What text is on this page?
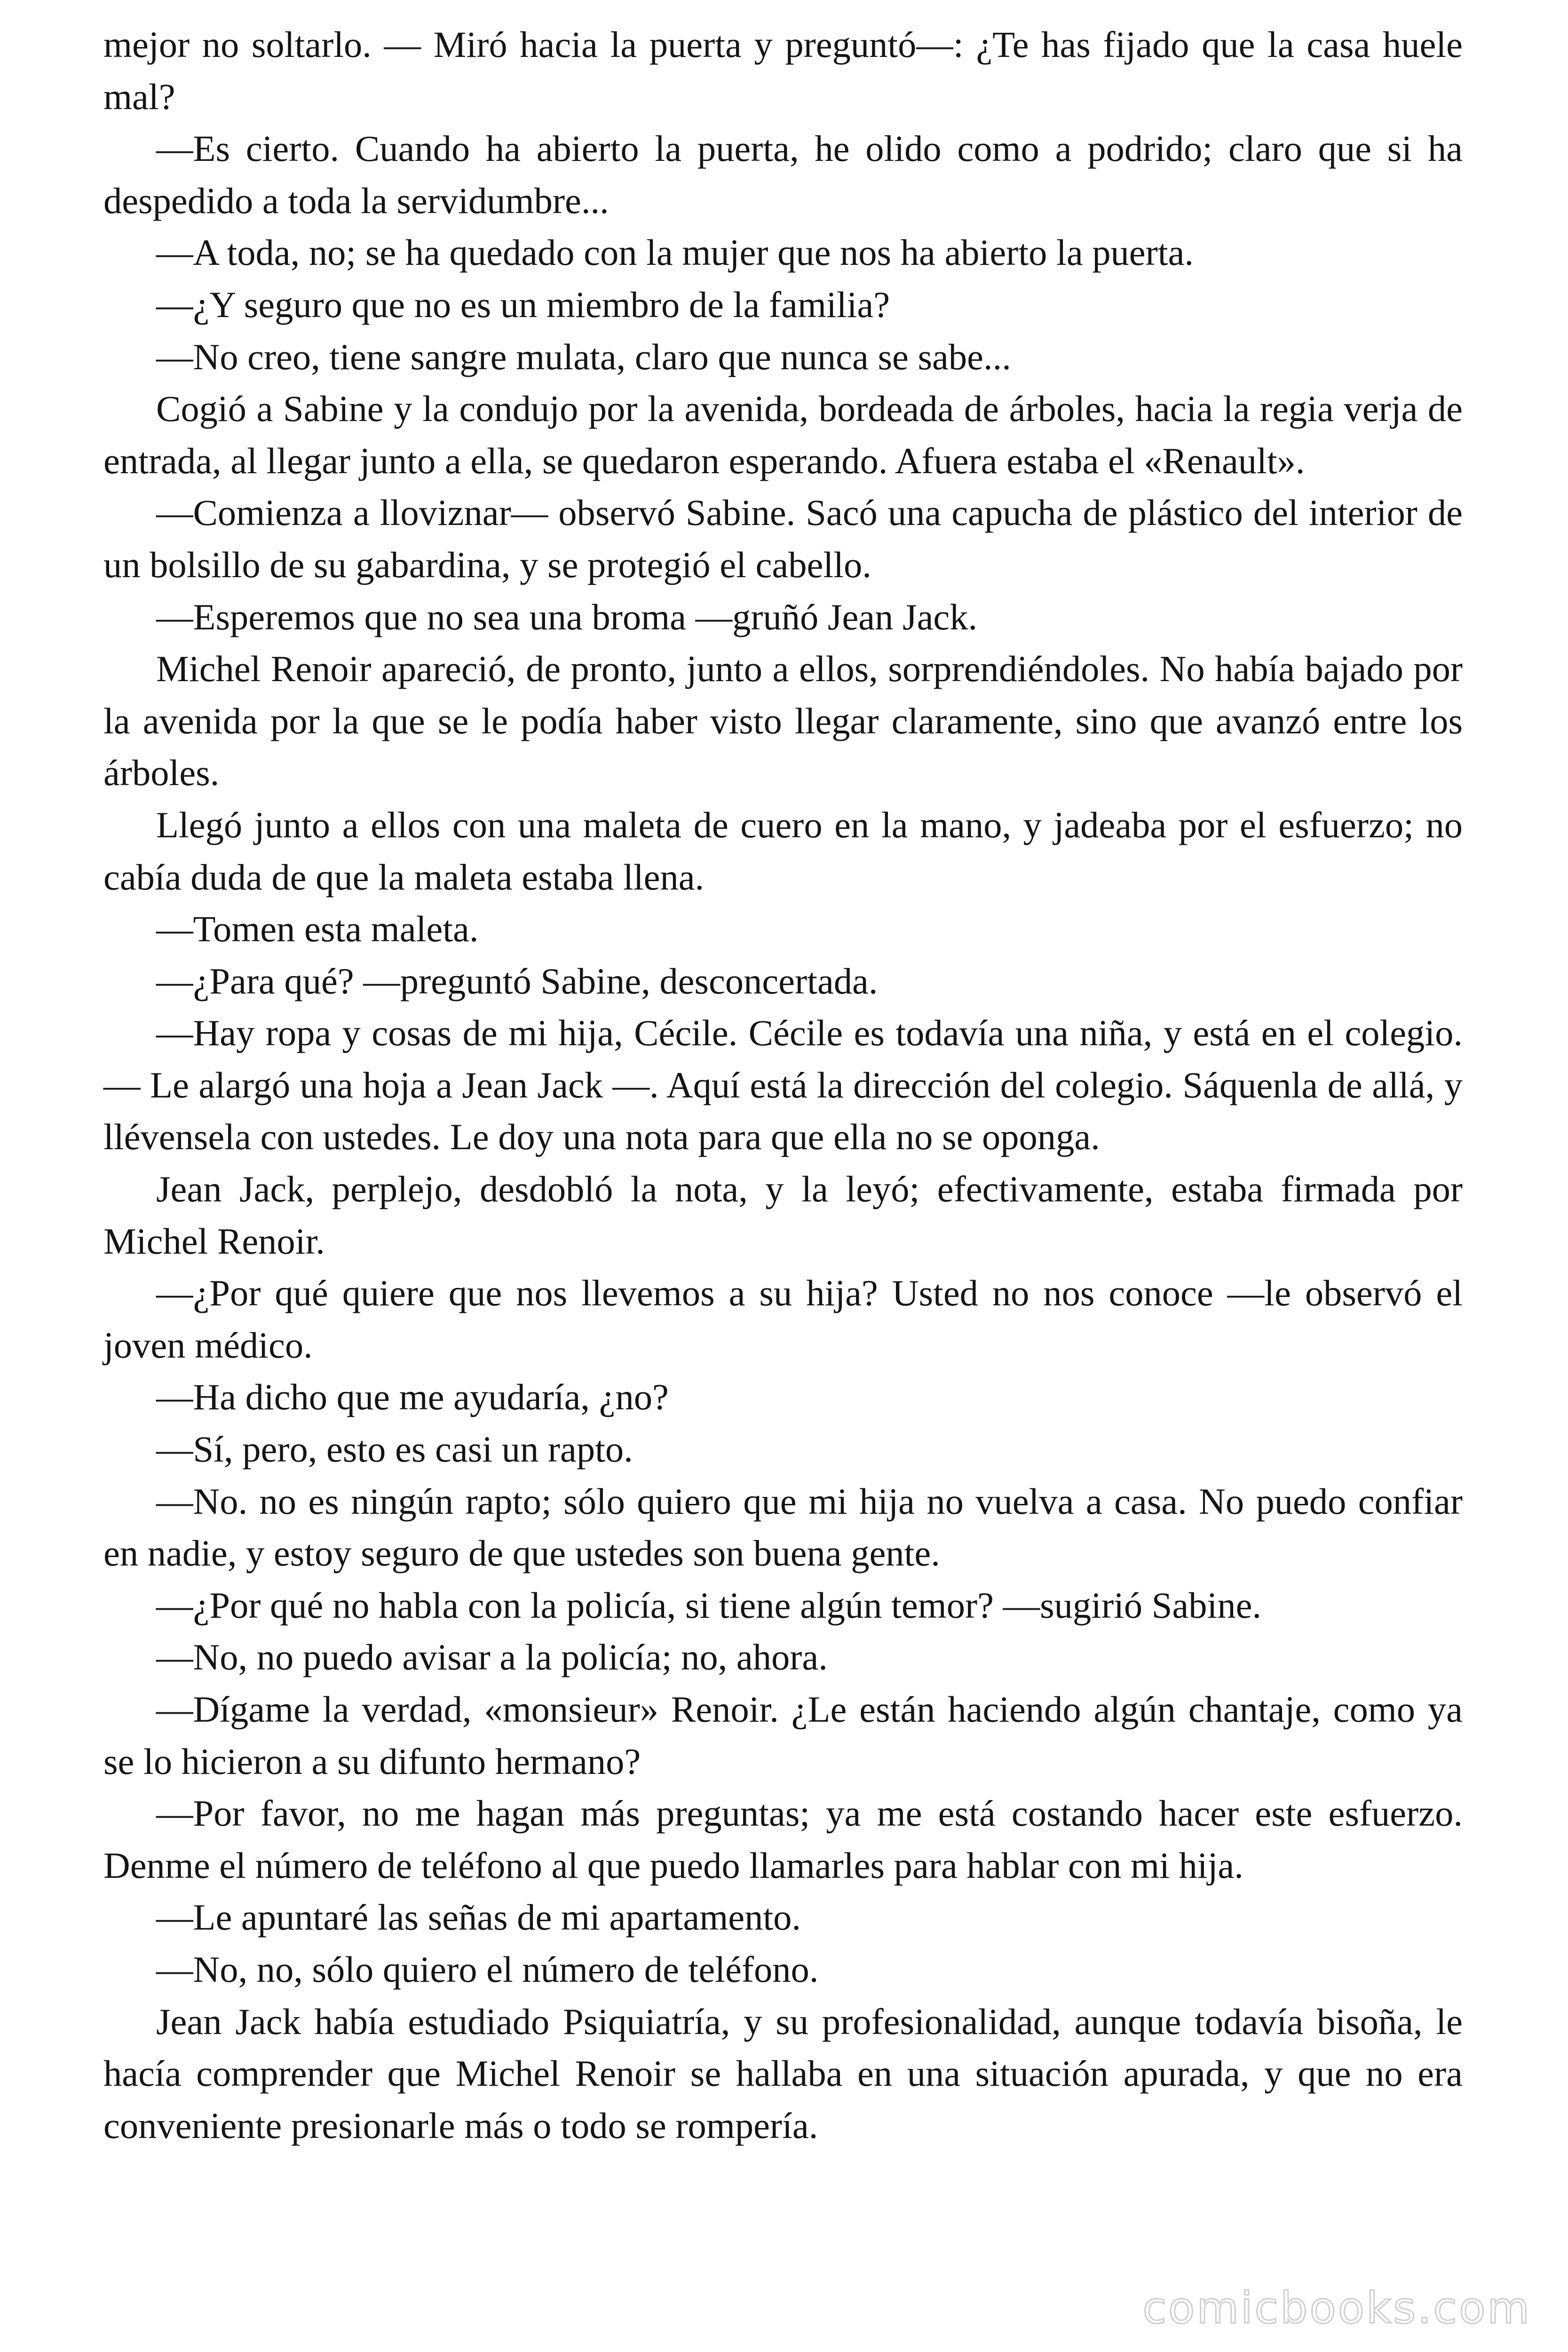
mejor no soltarlo. — Miró hacia la puerta y preguntó—: ¿Te has fijado que la casa huele mal?

—Es cierto. Cuando ha abierto la puerta, he olido como a podrido; claro que si ha despedido a toda la servidumbre...

—A toda, no; se ha quedado con la mujer que nos ha abierto la puerta.

—¿Y seguro que no es un miembro de la familia?

—No creo, tiene sangre mulata, claro que nunca se sabe...

Cogió a Sabine y la condujo por la avenida, bordeada de árboles, hacia la regia verja de entrada, al llegar junto a ella, se quedaron esperando. Afuera estaba el «Renault».

—Comienza a lloviznar— observó Sabine. Sacó una capucha de plástico del interior de un bolsillo de su gabardina, y se protegió el cabello.

—Esperemos que no sea una broma —gruñó Jean Jack.

Michel Renoir apareció, de pronto, junto a ellos, sorprendiéndoles. No había bajado por la avenida por la que se le podía haber visto llegar claramente, sino que avanzó entre los árboles.

Llegó junto a ellos con una maleta de cuero en la mano, y jadeaba por el esfuerzo; no cabía duda de que la maleta estaba llena.

—Tomen esta maleta.

—¿Para qué? —preguntó Sabine, desconcertada.

—Hay ropa y cosas de mi hija, Cécile. Cécile es todavía una niña, y está en el colegio. — Le alargó una hoja a Jean Jack —. Aquí está la dirección del colegio. Sáquenla de allá, y llévensela con ustedes. Le doy una nota para que ella no se oponga.

Jean Jack, perplejo, desdobló la nota, y la leyó; efectivamente, estaba firmada por Michel Renoir.

—¿Por qué quiere que nos llevemos a su hija? Usted no nos conoce —le observó el joven médico.

—Ha dicho que me ayudaría, ¿no?

—Sí, pero, esto es casi un rapto.

—No. no es ningún rapto; sólo quiero que mi hija no vuelva a casa. No puedo confiar en nadie, y estoy seguro de que ustedes son buena gente.

—¿Por qué no habla con la policía, si tiene algún temor? —sugirió Sabine.

—No, no puedo avisar a la policía; no, ahora.

—Dígame la verdad, «monsieur» Renoir. ¿Le están haciendo algún chantaje, como ya se lo hicieron a su difunto hermano?

—Por favor, no me hagan más preguntas; ya me está costando hacer este esfuerzo. Denme el número de teléfono al que puedo llamarles para hablar con mi hija.

—Le apuntaré las señas de mi apartamento.

—No, no, sólo quiero el número de teléfono.

Jean Jack había estudiado Psiquiatría, y su profesionalidad, aunque todavía bisoña, le hacía comprender que Michel Renoir se hallaba en una situación apurada, y que no era conveniente presionarle más o todo se rompería.

comicbooks.com
